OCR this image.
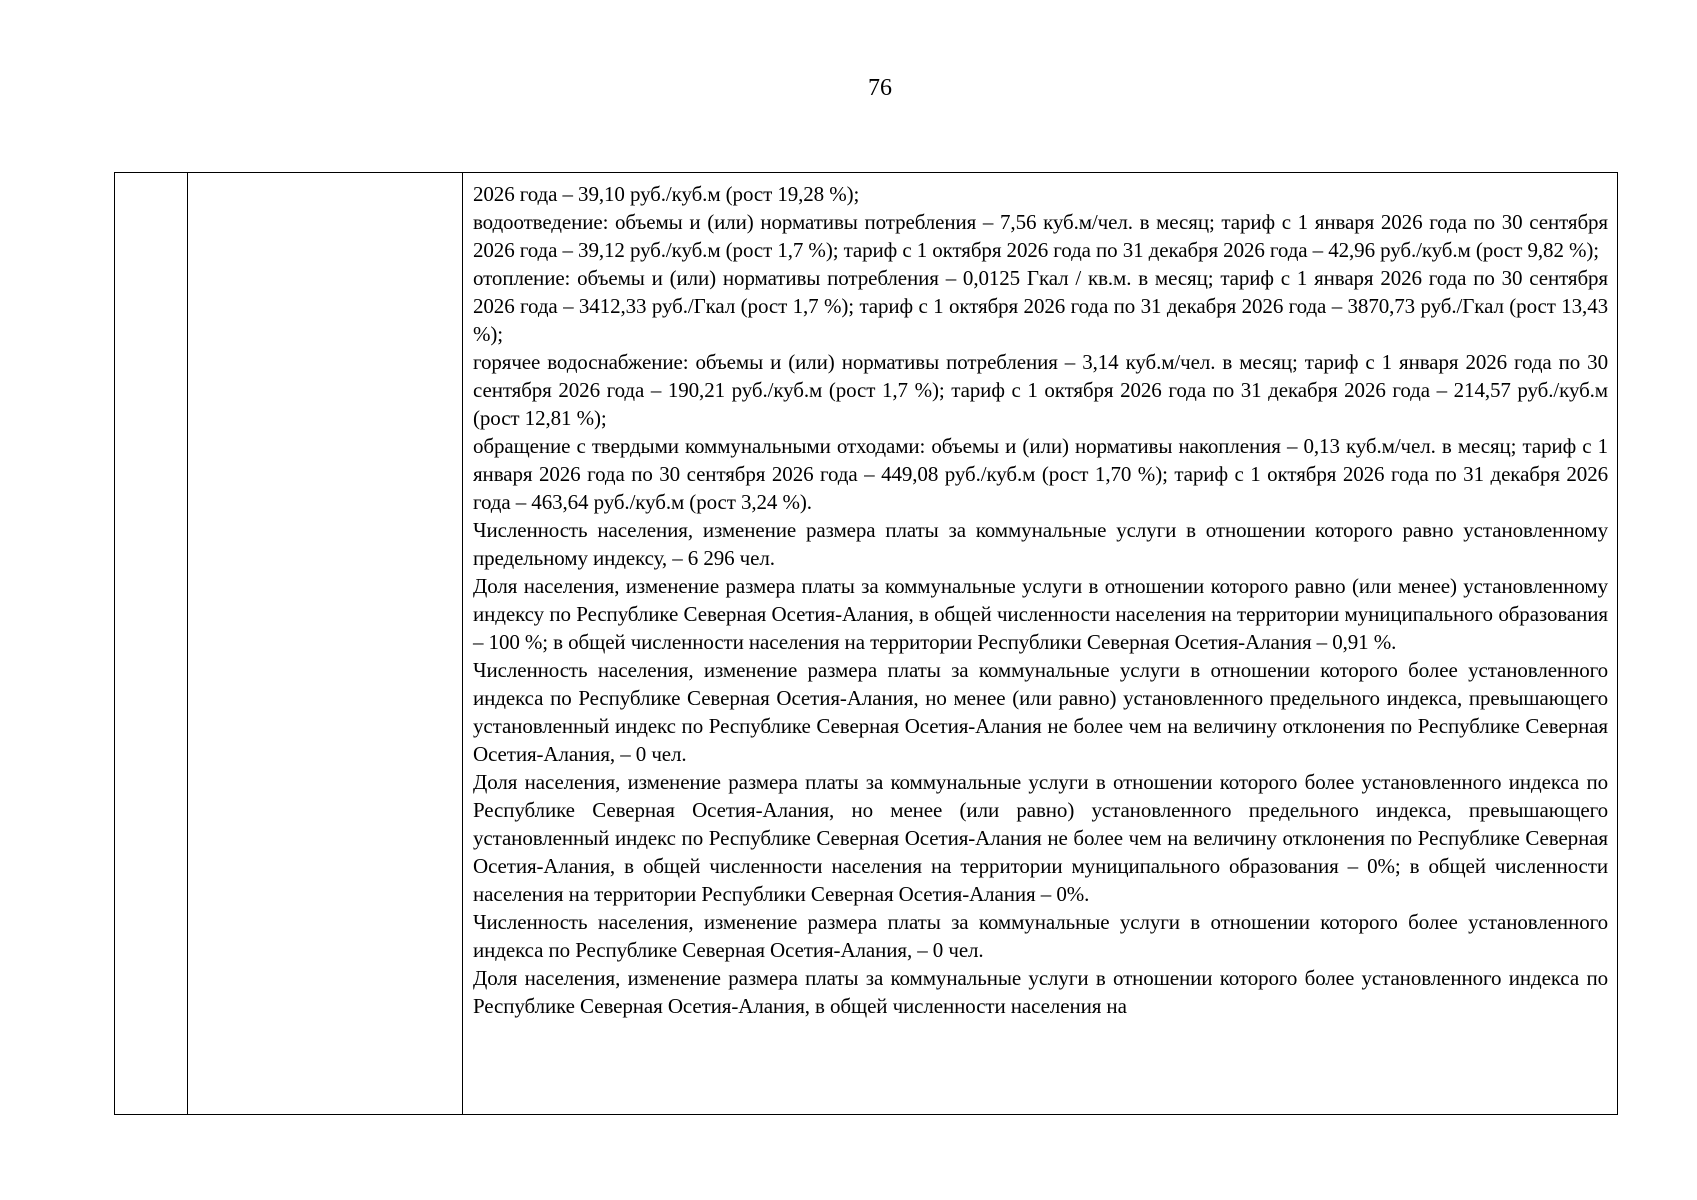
76

2026 года – 39,10 руб./куб.м (рост 19,28 %);

водоотведение: объемы и (или) нормативы потребления – 7,56 куб.м/чел. в месяц; тариф с 1 января 2026 года по 30 сентября 2026 года – 39,12 руб./куб.м (рост 1,7 %); тариф с 1 октября 2026 года по 31 декабря 2026 года – 42,96 руб./куб.м (рост 9,82 %);

отопление: объемы и (или) нормативы потребления – 0,0125 Гкал / кв.м. в месяц; тариф с 1 января 2026 года по 30 сентября 2026 года – 3412,33 руб./Гкал (рост 1,7 %); тариф с 1 октября 2026 года по 31 декабря 2026 года – 3870,73 руб./Гкал (рост 13,43 %);

горячее водоснабжение: объемы и (или) нормативы потребления – 3,14 куб.м/чел. в месяц; тариф с 1 января 2026 года по 30 сентября 2026 года – 190,21 руб./куб.м (рост 1,7 %); тариф с 1 октября 2026 года по 31 декабря 2026 года – 214,57 руб./куб.м (рост 12,81 %);

обращение с твердыми коммунальными отходами: объемы и (или) нормативы накопления – 0,13 куб.м/чел. в месяц; тариф с 1 января 2026 года по 30 сентября 2026 года – 449,08 руб./куб.м (рост 1,70 %); тариф с 1 октября 2026 года по 31 декабря 2026 года – 463,64 руб./куб.м (рост 3,24 %).

Численность населения, изменение размера платы за коммунальные услуги в отношении которого равно установленному предельному индексу, – 6 296 чел.

Доля населения, изменение размера платы за коммунальные услуги в отношении которого равно (или менее) установленному индексу по Республике Северная Осетия-Алания, в общей численности населения на территории муниципального образования – 100 %; в общей численности населения на территории Республики Северная Осетия-Алания – 0,91 %.

Численность населения, изменение размера платы за коммунальные услуги в отношении которого более установленного индекса по Республике Северная Осетия-Алания, но менее (или равно) установленного предельного индекса, превышающего установленный индекс по Республике Северная Осетия-Алания не более чем на величину отклонения по Республике Северная Осетия-Алания, – 0 чел.

Доля населения, изменение размера платы за коммунальные услуги в отношении которого более установленного индекса по Республике Северная Осетия-Алания, но менее (или равно) установленного предельного индекса, превышающего установленный индекс по Республике Северная Осетия-Алания не более чем на величину отклонения по Республике Северная Осетия-Алания, в общей численности населения на территории муниципального образования – 0%; в общей численности населения на территории Республики Северная Осетия-Алания – 0%.

Численность населения, изменение размера платы за коммунальные услуги в отношении которого более установленного индекса по Республике Северная Осетия-Алания, – 0 чел.

Доля населения, изменение размера платы за коммунальные услуги в отношении которого более установленного индекса по Республике Северная Осетия-Алания, в общей численности населения на
